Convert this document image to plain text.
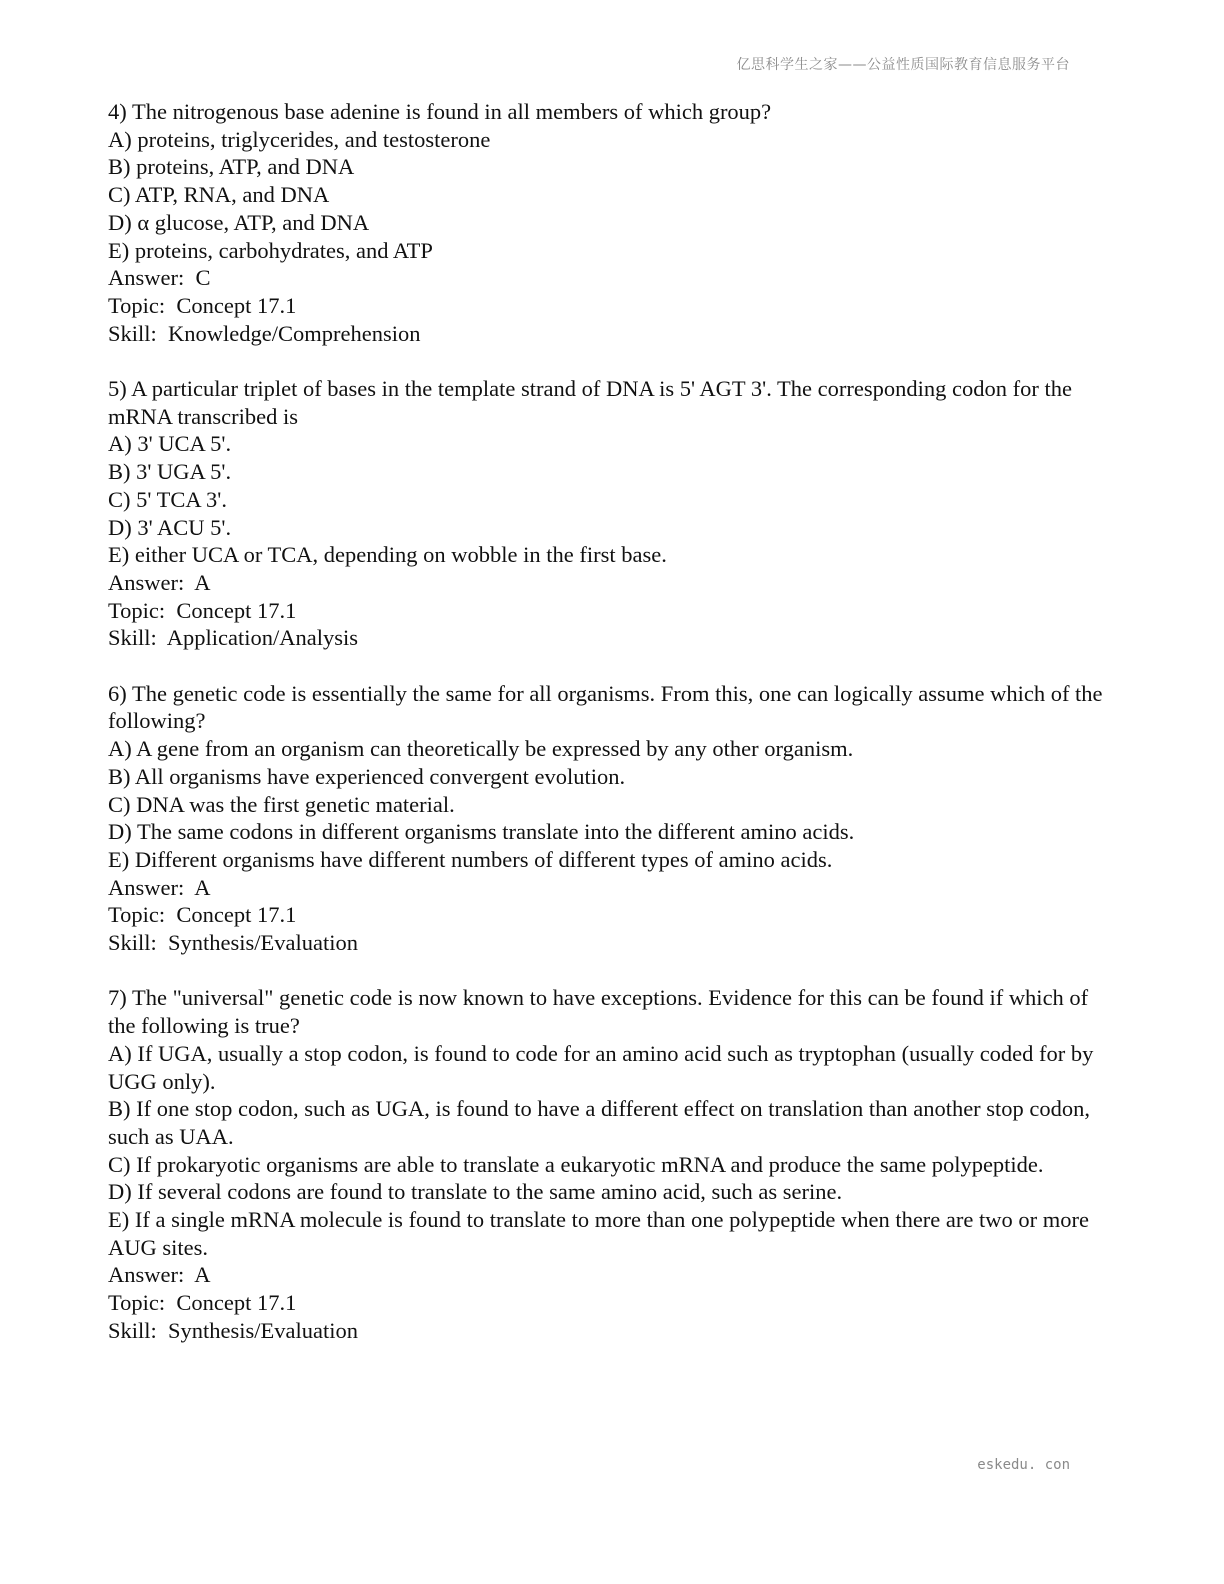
亿思科学生之家——公益性质国际教育信息服务平台
4) The nitrogenous base adenine is found in all members of which group?
A) proteins, triglycerides, and testosterone
B) proteins, ATP, and DNA
C) ATP, RNA, and DNA
D) α glucose, ATP, and DNA
E) proteins, carbohydrates, and ATP
Answer:  C
Topic:  Concept 17.1
Skill:  Knowledge/Comprehension
5) A particular triplet of bases in the template strand of DNA is 5' AGT 3'. The corresponding codon for the mRNA transcribed is
A) 3' UCA 5'.
B) 3' UGA 5'.
C) 5' TCA 3'.
D) 3' ACU 5'.
E) either UCA or TCA, depending on wobble in the first base.
Answer:  A
Topic:  Concept 17.1
Skill:  Application/Analysis
6) The genetic code is essentially the same for all organisms. From this, one can logically assume which of the following?
A) A gene from an organism can theoretically be expressed by any other organism.
B) All organisms have experienced convergent evolution.
C) DNA was the first genetic material.
D) The same codons in different organisms translate into the different amino acids.
E) Different organisms have different numbers of different types of amino acids.
Answer:  A
Topic:  Concept 17.1
Skill:  Synthesis/Evaluation
7) The "universal" genetic code is now known to have exceptions. Evidence for this can be found if which of the following is true?
A) If UGA, usually a stop codon, is found to code for an amino acid such as tryptophan (usually coded for by UGG only).
B) If one stop codon, such as UGA, is found to have a different effect on translation than another stop codon, such as UAA.
C) If prokaryotic organisms are able to translate a eukaryotic mRNA and produce the same polypeptide.
D) If several codons are found to translate to the same amino acid, such as serine.
E) If a single mRNA molecule is found to translate to more than one polypeptide when there are two or more AUG sites.
Answer:  A
Topic:  Concept 17.1
Skill:  Synthesis/Evaluation
eskedu. con
